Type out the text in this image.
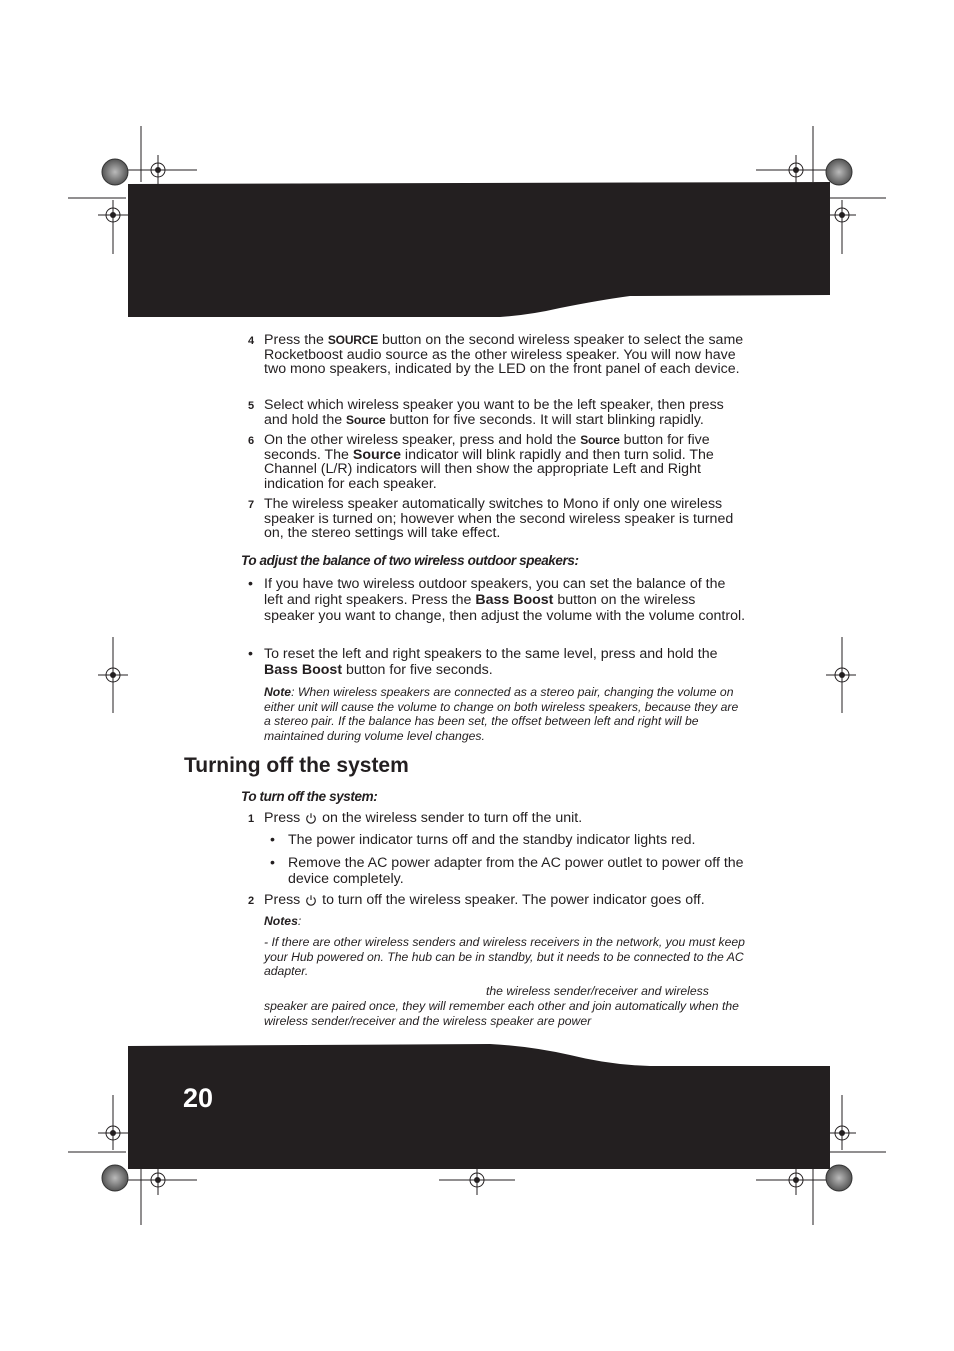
4 Press the SOURCE button on the second wireless speaker to select the same Rocketboost audio source as the other wireless speaker. You will now have two mono speakers, indicated by the LED on the front panel of each device.
5 Select which wireless speaker you want to be the left speaker, then press and hold the Source button for five seconds. It will start blinking rapidly.
6 On the other wireless speaker, press and hold the Source button for five seconds. The Source indicator will blink rapidly and then turn solid. The Channel (L/R) indicators will then show the appropriate Left and Right indication for each speaker.
7 The wireless speaker automatically switches to Mono if only one wireless speaker is turned on; however when the second wireless speaker is turned on, the stereo settings will take effect.
To adjust the balance of two wireless outdoor speakers:
• If you have two wireless outdoor speakers, you can set the balance of the left and right speakers. Press the Bass Boost button on the wireless speaker you want to change, then adjust the volume with the volume control.
• To reset the left and right speakers to the same level, press and hold the Bass Boost button for five seconds.
Note: When wireless speakers are connected as a stereo pair, changing the volume on either unit will cause the volume to change on both wireless speakers, because they are a stereo pair. If the balance has been set, the offset between left and right will be maintained during volume level changes.
Turning off the system
To turn off the system:
1 Press  on the wireless sender to turn off the unit.
• The power indicator turns off and the standby indicator lights red.
• Remove the AC power adapter from the AC power outlet to power off the device completely.
2 Press  to turn off the wireless speaker. The power indicator goes off.
Notes:
- If there are other wireless senders and wireless receivers in the network, you must keep your Hub powered on. The hub can be in standby, but it needs to be connected to the AC adapter.
the wireless sender/receiver and wireless
speaker are paired once, they will remember each other and join automatically when the wireless sender/receiver and the wireless speaker are power
20
